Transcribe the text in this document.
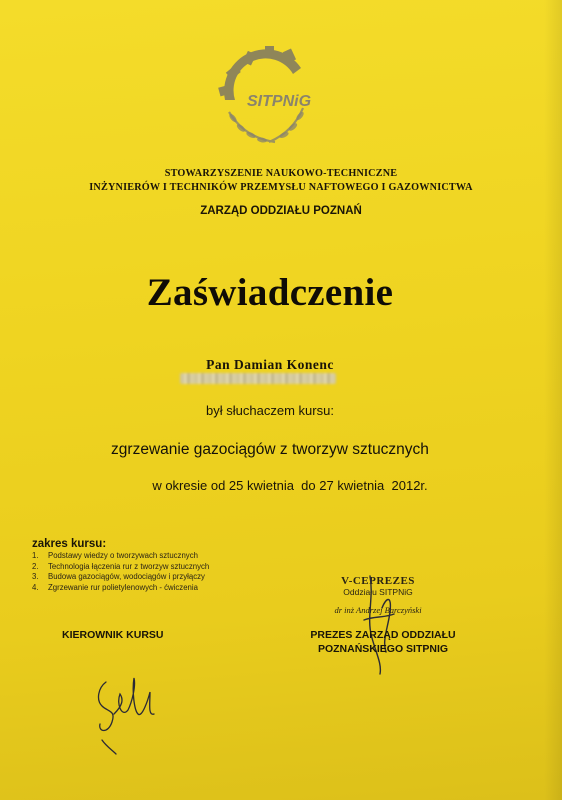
SITPNiG
STOWARZYSZENIE NAUKOWO-TECHNICZNE
INŻYNIERÓW I TECHNIKÓW PRZEMYSŁU NAFTOWEGO I GAZOWNICTWA
ZARZĄD ODDZIAŁU POZNAŃ
Zaświadczenie
Pan Damian Konenc
był słuchaczem kursu:
zgrzewanie gazociągów z tworzyw sztucznych
w okresie od 25 kwietnia  do 27 kwietnia  2012r.
zakres kursu:
1. Podstawy wiedzy o tworzywach sztucznych
2. Technologia łączenia rur z tworzyw sztucznych
3. Budowa gazociągów, wodociągów i przyłączy
4. Zgrzewanie rur polietylenowych - ćwiczenia	V-CEPREZES
Oddziału SITPNiG
dr inż Andrzej Barczyński
KIEROWNIK KURSU	PREZES ZARZĄD ODDZIAŁU
POZNAŃSKIEGO SITPNIG
